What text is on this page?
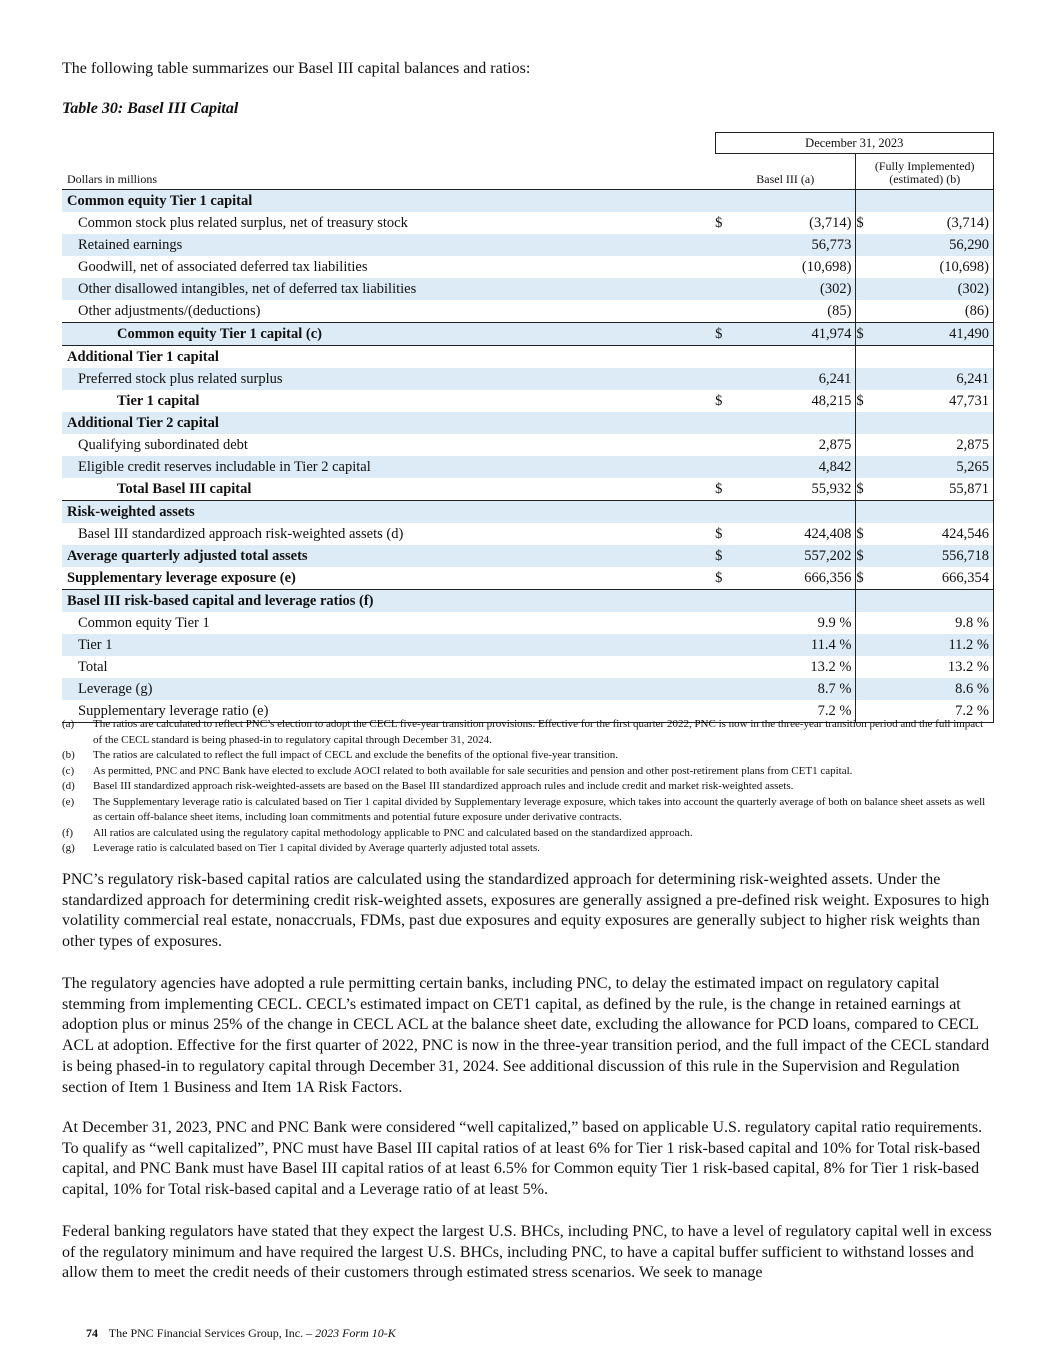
The following table summarizes our Basel III capital balances and ratios:
Table 30: Basel III Capital
	December 31, 2023			
Dollars in millions	Basel III (a)		(Fully Implemented)
(estimated) (b)	
Common equity Tier 1 capital				
Common stock plus related surplus, net of treasury stock	$	(3,714)	$	(3,714)
Retained earnings		56,773		56,290
Goodwill, net of associated deferred tax liabilities		(10,698)		(10,698)
Other disallowed intangibles, net of deferred tax liabilities		(302)		(302)
Other adjustments/(deductions)		(85)		(86)
Common equity Tier 1 capital (c)	$	41,974	$	41,490
Additional Tier 1 capital				
Preferred stock plus related surplus		6,241		6,241
Tier 1 capital	$	48,215	$	47,731
Additional Tier 2 capital				
Qualifying subordinated debt		2,875		2,875
Eligible credit reserves includable in Tier 2 capital		4,842		5,265
Total Basel III capital	$	55,932	$	55,871
Risk-weighted assets				
Basel III standardized approach risk-weighted assets (d)	$	424,408	$	424,546
Average quarterly adjusted total assets	$	557,202	$	556,718
Supplementary leverage exposure (e)	$	666,356	$	666,354
Basel III risk-based capital and leverage ratios (f)				
Common equity Tier 1		9.9 %		9.8 %
Tier 1		11.4 %		11.2 %
Total		13.2 %		13.2 %
Leverage (g)		8.7 %		8.6 %
Supplementary leverage ratio (e)		7.2 %		7.2 %
(a)	The ratios are calculated to reflect PNC’s election to adopt the CECL five-year transition provisions. Effective for the first quarter 2022, PNC is now in the three-year transition period and the full impact of the CECL standard is being phased-in to regulatory capital through December 31, 2024.
(b)	The ratios are calculated to reflect the full impact of CECL and exclude the benefits of the optional five-year transition.
(c)	As permitted, PNC and PNC Bank have elected to exclude AOCI related to both available for sale securities and pension and other post-retirement plans from CET1 capital.
(d)	Basel III standardized approach risk-weighted-assets are based on the Basel III standardized approach rules and include credit and market risk-weighted assets.
(e)	The Supplementary leverage ratio is calculated based on Tier 1 capital divided by Supplementary leverage exposure, which takes into account the quarterly average of both on balance sheet assets as well as certain off-balance sheet items, including loan commitments and potential future exposure under derivative contracts.
(f)	All ratios are calculated using the regulatory capital methodology applicable to PNC and calculated based on the standardized approach.
(g)	Leverage ratio is calculated based on Tier 1 capital divided by Average quarterly adjusted total assets.

PNC’s regulatory risk-based capital ratios are calculated using the standardized approach for determining risk-weighted assets. Under the standardized approach for determining credit risk-weighted assets, exposures are generally assigned a pre-defined risk weight. Exposures to high volatility commercial real estate, nonaccruals, FDMs, past due exposures and equity exposures are generally subject to higher risk weights than other types of exposures.

The regulatory agencies have adopted a rule permitting certain banks, including PNC, to delay the estimated impact on regulatory capital stemming from implementing CECL. CECL’s estimated impact on CET1 capital, as defined by the rule, is the change in retained earnings at adoption plus or minus 25% of the change in CECL ACL at the balance sheet date, excluding the allowance for PCD loans, compared to CECL ACL at adoption. Effective for the first quarter of 2022, PNC is now in the three-year transition period, and the full impact of the CECL standard is being phased-in to regulatory capital through December 31, 2024. See additional discussion of this rule in the Supervision and Regulation section of Item 1 Business and Item 1A Risk Factors.

At December 31, 2023, PNC and PNC Bank were considered “well capitalized,” based on applicable U.S. regulatory capital ratio requirements. To qualify as “well capitalized”, PNC must have Basel III capital ratios of at least 6% for Tier 1 risk-based capital and 10% for Total risk-based capital, and PNC Bank must have Basel III capital ratios of at least 6.5% for Common equity Tier 1 risk-based capital, 8% for Tier 1 risk-based capital, 10% for Total risk-based capital and a Leverage ratio of at least 5%.

Federal banking regulators have stated that they expect the largest U.S. BHCs, including PNC, to have a level of regulatory capital well in excess of the regulatory minimum and have required the largest U.S. BHCs, including PNC, to have a capital buffer sufficient to withstand losses and allow them to meet the credit needs of their customers through estimated stress scenarios. We seek to manage

74 The PNC Financial Services Group, Inc. – 2023 Form 10-K
